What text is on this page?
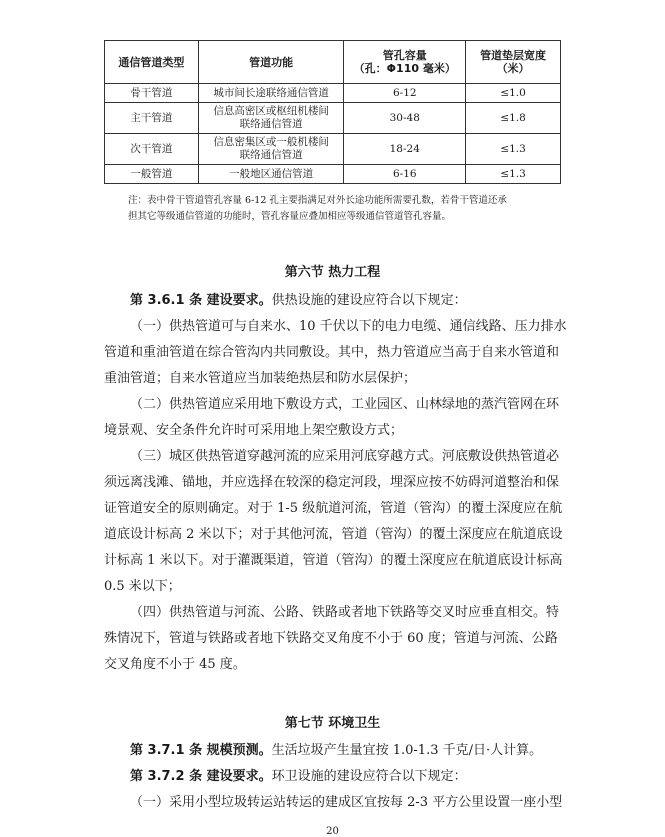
通信管道类型	管道功能	管孔容量
（孔：Φ110 毫米）	管道垫层宽度
（米）
骨干管道	城市间长途联络通信管道	6-12	≤1.0
主干管道	信息高密区或枢纽机楼间
联络通信管道	30-48	≤1.8
次干管道	信息密集区或一般机楼间
联络通信管道	18-24	≤1.3
一般管道	一般地区通信管道	6-16	≤1.3
注：表中骨干管道管孔容量 6-12 孔主要指满足对外长途功能所需要孔数，若骨干管道还承
担其它等级通信管道的功能时，管孔容量应叠加相应等级通信管道管孔容量。
第六节 热力工程
第 3.6.1 条 建设要求。供热设施的建设应符合以下规定：
（一）供热管道可与自来水、10 千伏以下的电力电缆、通信线路、压力排水
管道和重油管道在综合管沟内共同敷设。其中，热力管道应当高于自来水管道和
重油管道；自来水管道应当加装绝热层和防水层保护；
（二）供热管道应采用地下敷设方式，工业园区、山林绿地的蒸汽管网在环
境景观、安全条件允许时可采用地上架空敷设方式；
（三）城区供热管道穿越河流的应采用河底穿越方式。河底敷设供热管道必
须远离浅滩、锚地，并应选择在较深的稳定河段，埋深应按不妨碍河道整治和保
证管道安全的原则确定。对于 1-5 级航道河流，管道（管沟）的覆土深度应在航
道底设计标高 2 米以下；对于其他河流，管道（管沟）的覆土深度应在航道底设
计标高 1 米以下。对于灌溉渠道，管道（管沟）的覆土深度应在航道底设计标高
0.5 米以下；
（四）供热管道与河流、公路、铁路或者地下铁路等交叉时应垂直相交。特
殊情况下，管道与铁路或者地下铁路交叉角度不小于 60 度；管道与河流、公路
交叉角度不小于 45 度。
第七节 环境卫生
第 3.7.1 条 规模预测。生活垃圾产生量宜按 1.0-1.3 千克/日·人计算。
第 3.7.2 条 建设要求。环卫设施的建设应符合以下规定：
（一）采用小型垃圾转运站转运的建成区宜按每 2-3 平方公里设置一座小型
20
